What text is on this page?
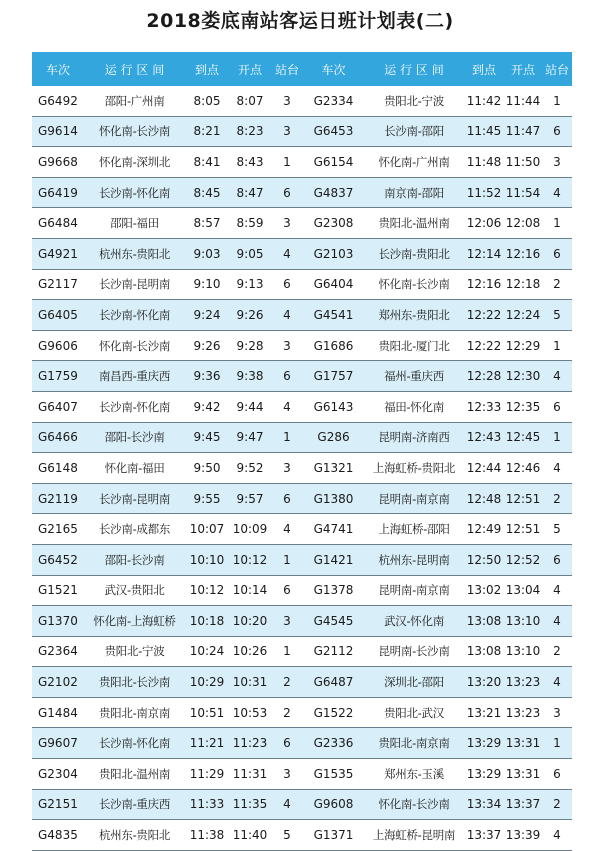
2018娄底南站客运日班计划表(二)
车次	运 行 区 间	到点	开点	站台	车次	运 行 区 间	到点	开点	站台
G6492	邵阳-广州南	8:05	8:07	3	G2334	贵阳北-宁波	11:42	11:44	1
G9614	怀化南-长沙南	8:21	8:23	3	G6453	长沙南-邵阳	11:45	11:47	6
G9668	怀化南-深圳北	8:41	8:43	1	G6154	怀化南-广州南	11:48	11:50	3
G6419	长沙南-怀化南	8:45	8:47	6	G4837	南京南-邵阳	11:52	11:54	4
G6484	邵阳-福田	8:57	8:59	3	G2308	贵阳北-温州南	12:06	12:08	1
G4921	杭州东-贵阳北	9:03	9:05	4	G2103	长沙南-贵阳北	12:14	12:16	6
G2117	长沙南-昆明南	9:10	9:13	6	G6404	怀化南-长沙南	12:16	12:18	2
G6405	长沙南-怀化南	9:24	9:26	4	G4541	郑州东-贵阳北	12:22	12:24	5
G9606	怀化南-长沙南	9:26	9:28	3	G1686	贵阳北-厦门北	12:22	12:29	1
G1759	南昌西-重庆西	9:36	9:38	6	G1757	福州-重庆西	12:28	12:30	4
G6407	长沙南-怀化南	9:42	9:44	4	G6143	福田-怀化南	12:33	12:35	6
G6466	邵阳-长沙南	9:45	9:47	1	G286	昆明南-济南西	12:43	12:45	1
G6148	怀化南-福田	9:50	9:52	3	G1321	上海虹桥-贵阳北	12:44	12:46	4
G2119	长沙南-昆明南	9:55	9:57	6	G1380	昆明南-南京南	12:48	12:51	2
G2165	长沙南-成都东	10:07	10:09	4	G4741	上海虹桥-邵阳	12:49	12:51	5
G6452	邵阳-长沙南	10:10	10:12	1	G1421	杭州东-昆明南	12:50	12:52	6
G1521	武汉-贵阳北	10:12	10:14	6	G1378	昆明南-南京南	13:02	13:04	4
G1370	怀化南-上海虹桥	10:18	10:20	3	G4545	武汉-怀化南	13:08	13:10	4
G2364	贵阳北-宁波	10:24	10:26	1	G2112	昆明南-长沙南	13:08	13:10	2
G2102	贵阳北-长沙南	10:29	10:31	2	G6487	深圳北-邵阳	13:20	13:23	4
G1484	贵阳北-南京南	10:51	10:53	2	G1522	贵阳北-武汉	13:21	13:23	3
G9607	长沙南-怀化南	11:21	11:23	6	G2336	贵阳北-南京南	13:29	13:31	1
G2304	贵阳北-温州南	11:29	11:31	3	G1535	郑州东-玉溪	13:29	13:31	6
G2151	长沙南-重庆西	11:33	11:35	4	G9608	怀化南-长沙南	13:34	13:37	2
G4835	杭州东-贵阳北	11:38	11:40	5	G1371	上海虹桥-昆明南	13:37	13:39	4
